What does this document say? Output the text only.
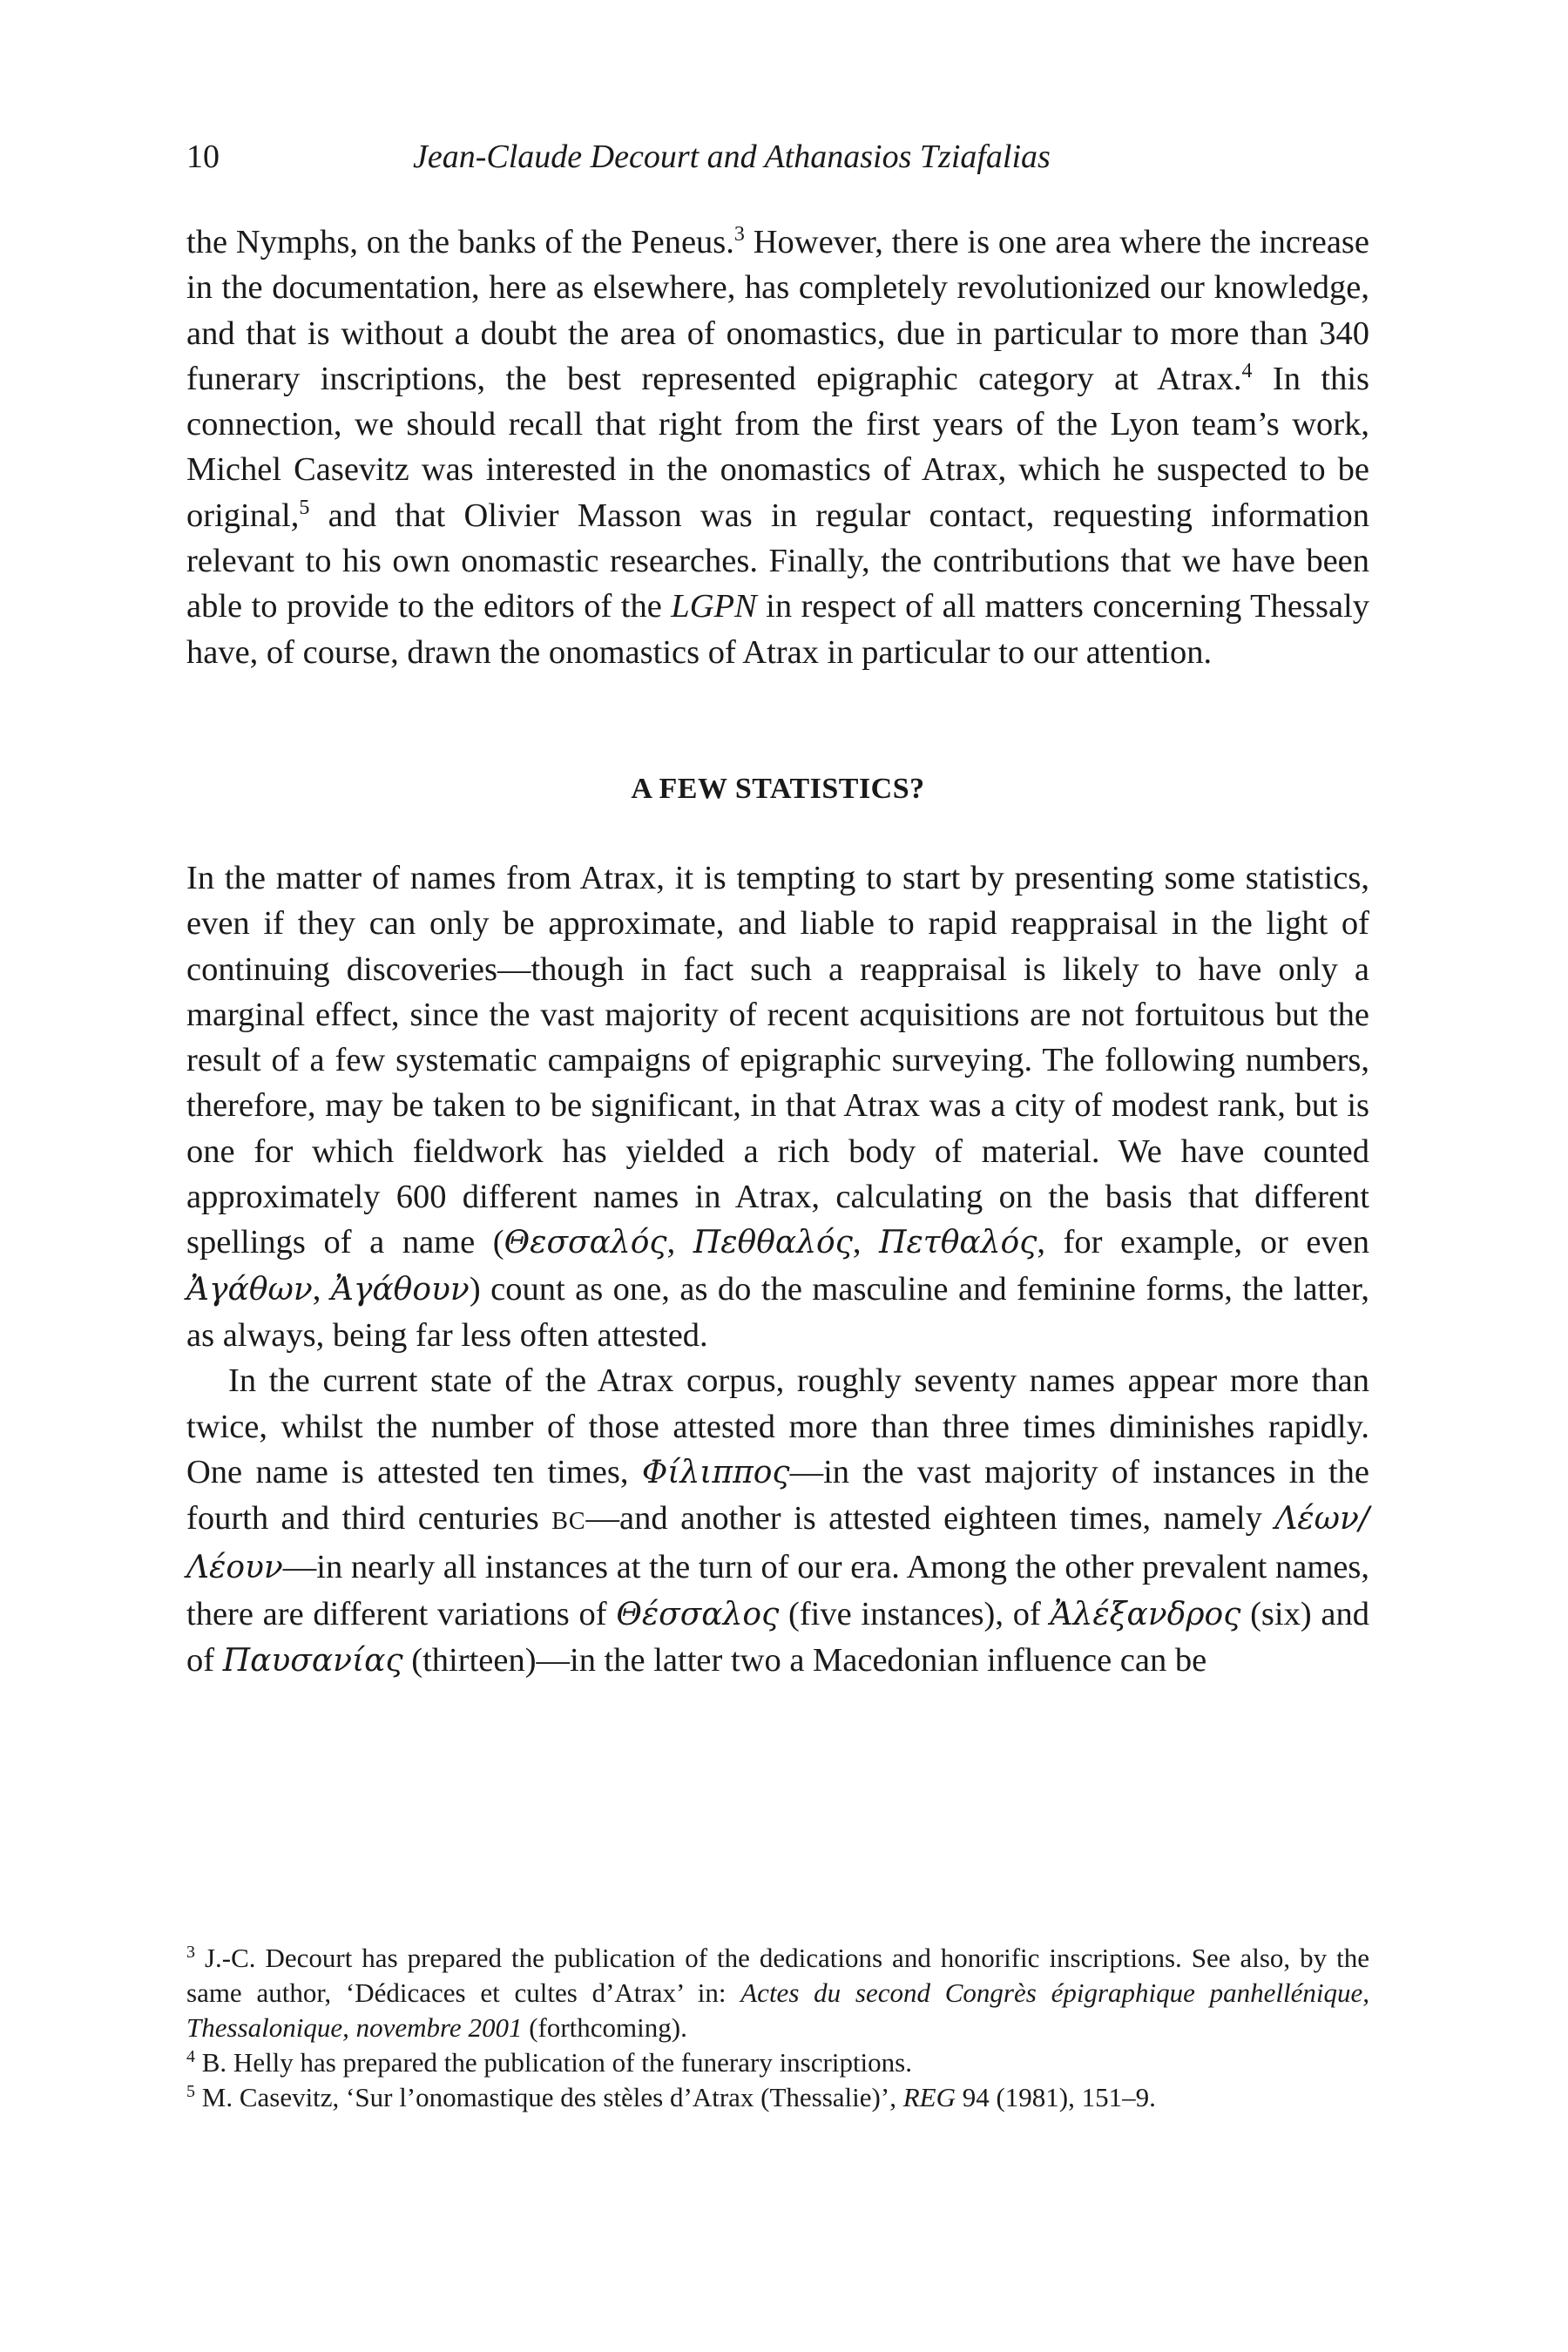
10	Jean-Claude Decourt and Athanasios Tziafalias

the Nymphs, on the banks of the Peneus.$^3$ However, there is one area where the increase in the documentation, here as elsewhere, has completely revolutionized our knowledge, and that is without a doubt the area of onomastics, due in particular to more than 340 funerary inscriptions, the best represented epigraphic category at Atrax.$^4$ In this connection, we should recall that right from the first years of the Lyon team’s work, Michel Casevitz was interested in the onomastics of Atrax, which he suspected to be original,$^5$ and that Olivier Masson was in regular contact, requesting information relevant to his own onomastic researches. Finally, the contributions that we have been able to provide to the editors of the LGPN in respect of all matters concerning Thessaly have, of course, drawn the onomastics of Atrax in particular to our attention.

A FEW STATISTICS?

In the matter of names from Atrax, it is tempting to start by presenting some statistics, even if they can only be approximate, and liable to rapid reappraisal in the light of continuing discoveries—though in fact such a reappraisal is likely to have only a marginal effect, since the vast majority of recent acquisitions are not fortuitous but the result of a few systematic campaigns of epigraphic surveying. The following numbers, therefore, may be taken to be significant, in that Atrax was a city of modest rank, but is one for which fieldwork has yielded a rich body of material. We have counted approximately 600 different names in Atrax, calculating on the basis that different spellings of a name (Θεσσαλός, Πεθθαλός, Πετθαλός, for example, or even Ἀγάθων, Ἀγάθουν) count as one, as do the masculine and feminine forms, the latter, as always, being far less often attested.

In the current state of the Atrax corpus, roughly seventy names appear more than twice, whilst the number of those attested more than three times diminishes rapidly. One name is attested ten times, Φίλιππος—in the vast majority of instances in the fourth and third centuries BC—and another is attested eighteen times, namely Λέων/Λέουν—in nearly all instances at the turn of our era. Among the other prevalent names, there are different variations of Θέσσαλος (five instances), of Ἀλέξανδρος (six) and of Παυσανίας (thirteen)—in the latter two a Macedonian influence can be

$^3$ J.-C. Decourt has prepared the publication of the dedications and honorific inscriptions. See also, by the same author, ‘Dédicaces et cultes d’Atrax’ in: Actes du second Congrès épigraphique panhellénique, Thessalonique, novembre 2001 (forthcoming).

$^4$ B. Helly has prepared the publication of the funerary inscriptions.

$^5$ M. Casevitz, ‘Sur l’onomastique des stèles d’Atrax (Thessalie)’, REG 94 (1981), 151–9.
